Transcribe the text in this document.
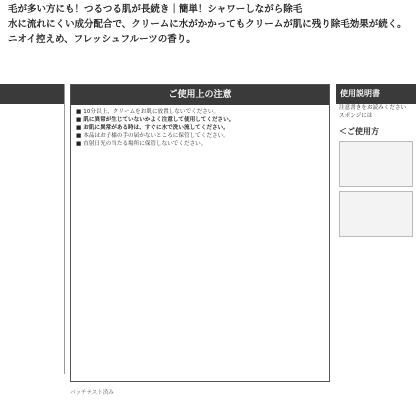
毛が多い方にも！つるつる肌が長続き｜簡単！シャワーしながら除毛

水に流れにくい成分配合で、クリームに水がかかってもクリームが肌に残り除毛効果が続く。

ニオイ控えめ、フレッシュフルーツの香り。

ご使用上の注意
■ 10分以上、クリームをお肌に放置しないでください。
■ 肌に異常が生じていないかよく注意して使用してください。
■ お肌に異常がある時は、すぐに水で洗い流してください。
■ 本品はお子様の手の届かないところに保管してください。
■ 直射日光の当たる場所に保管しないでください。
使用説明書
注意書きをお読みください
スポンジには
＜ご使用方
パッチテスト済み
